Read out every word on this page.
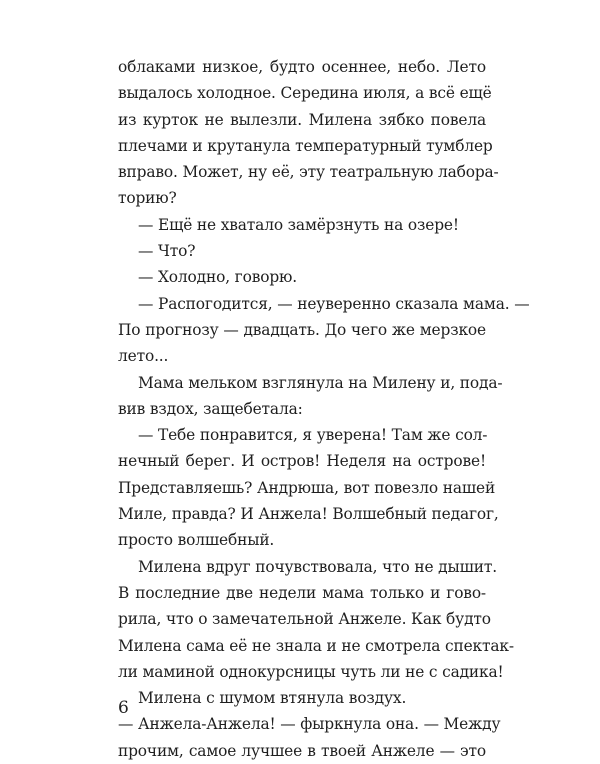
облаками низкое, будто осеннее, небо. Лето
выдалось холодное. Середина июля, а всё ещё
из курток не вылезли. Милена зябко повела
плечами и крутанула температурный тумблер
вправо. Может, ну её, эту театральную лабора-
торию?
— Ещё не хватало замёрзнуть на озере!
— Что?
— Холодно, говорю.
— Распогодится, — неуверенно сказала мама. —
По прогнозу — двадцать. До чего же мерзкое
лето...
Мама мельком взглянула на Милену и, пода-
вив вздох, защебетала:
— Тебе понравится, я уверена! Там же сол-
нечный берег. И остров! Неделя на острове!
Представляешь? Андрюша, вот повезло нашей
Миле, правда? И Анжела! Волшебный педагог,
просто волшебный.
Милена вдруг почувствовала, что не дышит.
В последние две недели мама только и гово-
рила, что о замечательной Анжеле. Как будто
Милена сама её не знала и не смотрела спектак-
ли маминой однокурсницы чуть ли не с садика!
Милена с шумом втянула воздух.
— Анжела-Анжела! — фыркнула она. — Между
прочим, самое лучшее в твоей Анжеле — это
6
